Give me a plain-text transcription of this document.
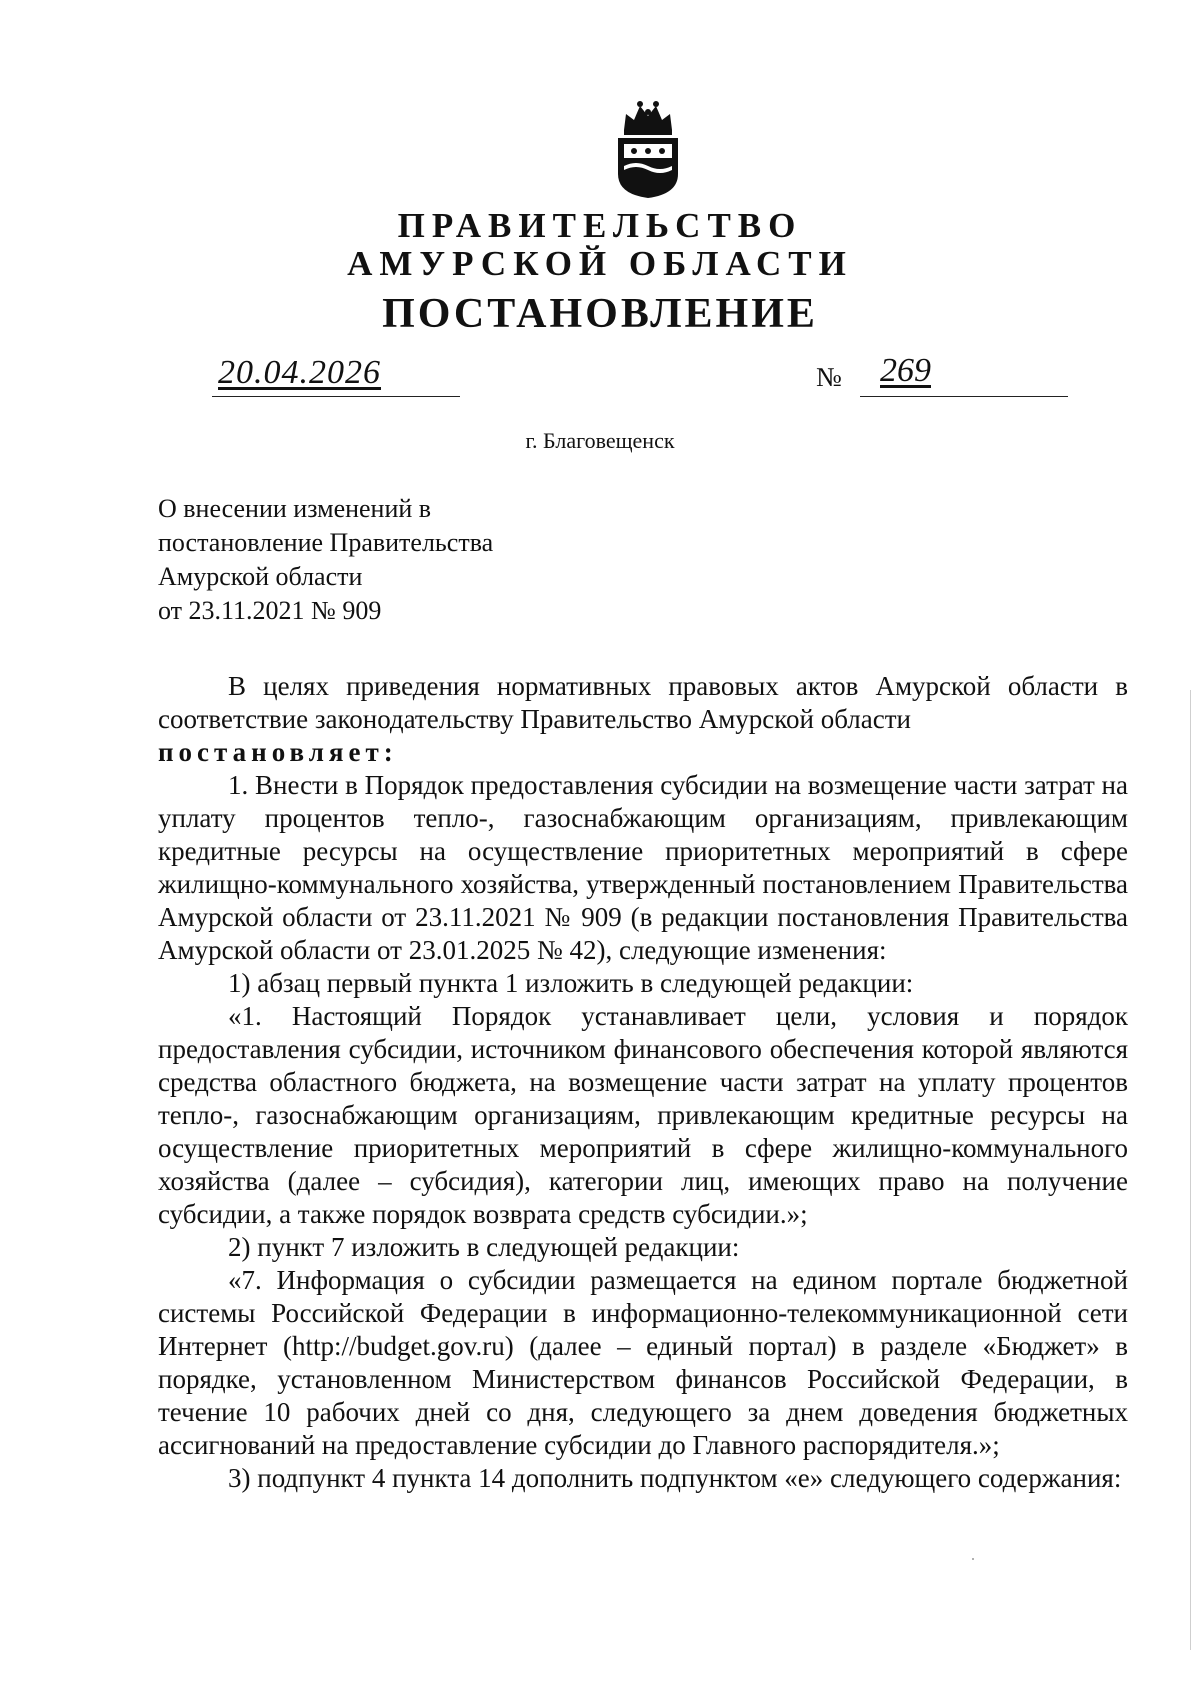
ПРАВИТЕЛЬСТВО
АМУРСКОЙ ОБЛАСТИ
ПОСТАНОВЛЕНИЕ
20.04.2026	№ 269
г. Благовещенск
О внесении изменений в
постановление Правительства
Амурской области
от 23.11.2021 № 909

В целях приведения нормативных правовых актов Амурской области в соответствие законодательству Правительство Амурской области

постановляет:

1. Внести в Порядок предоставления субсидии на возмещение части затрат на уплату процентов тепло-, газоснабжающим организациям, привлекающим кредитные ресурсы на осуществление приоритетных мероприятий в сфере жилищно-коммунального хозяйства, утвержденный постановлением Правительства Амурской области от 23.11.2021 № 909 (в редакции постановления Правительства Амурской области от 23.01.2025 № 42), следующие изменения:

1) абзац первый пункта 1 изложить в следующей редакции:

«1. Настоящий Порядок устанавливает цели, условия и порядок предоставления субсидии, источником финансового обеспечения которой являются средства областного бюджета, на возмещение части затрат на уплату процентов тепло-, газоснабжающим организациям, привлекающим кредитные ресурсы на осуществление приоритетных мероприятий в сфере жилищно-коммунального хозяйства (далее – субсидия), категории лиц, имеющих право на получение субсидии, а также порядок возврата средств субсидии.»;

2) пункт 7 изложить в следующей редакции:

«7. Информация о субсидии размещается на едином портале бюджетной системы Российской Федерации в информационно-телекоммуникационной сети Интернет (http://budget.gov.ru) (далее – единый портал) в разделе «Бюджет» в порядке, установленном Министерством финансов Российской Федерации, в течение 10 рабочих дней со дня, следующего за днем доведения бюджетных ассигнований на предоставление субсидии до Главного распорядителя.»;

3) подпункт 4 пункта 14 дополнить подпунктом «е» следующего содержания:
